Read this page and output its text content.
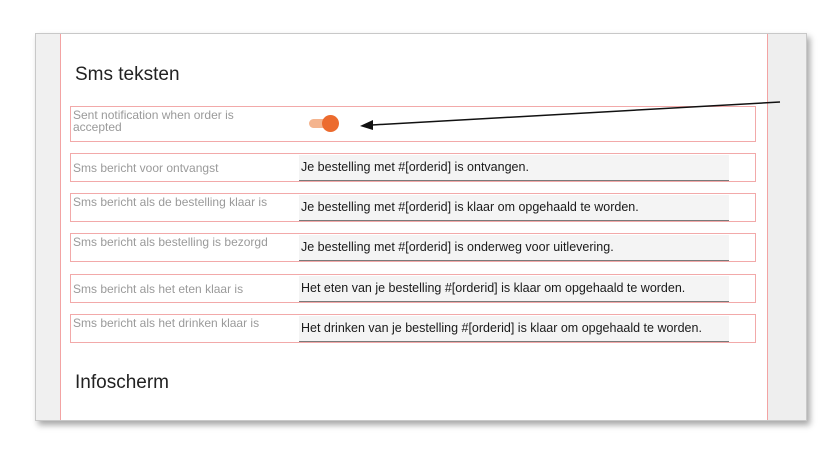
Sms teksten
Sent notification when order is accepted
Sms bericht voor ontvangst	Je bestelling met #[orderid] is ontvangen.
Sms bericht als de bestelling klaar is	Je bestelling met #[orderid] is klaar om opgehaald te worden.
Sms bericht als bestelling is bezorgd	Je bestelling met #[orderid] is onderweg voor uitlevering.
Sms bericht als het eten klaar is	Het eten van je bestelling #[orderid] is klaar om opgehaald te worden.
Sms bericht als het drinken klaar is	Het drinken van je bestelling #[orderid] is klaar om opgehaald te worden.
Infoscherm
